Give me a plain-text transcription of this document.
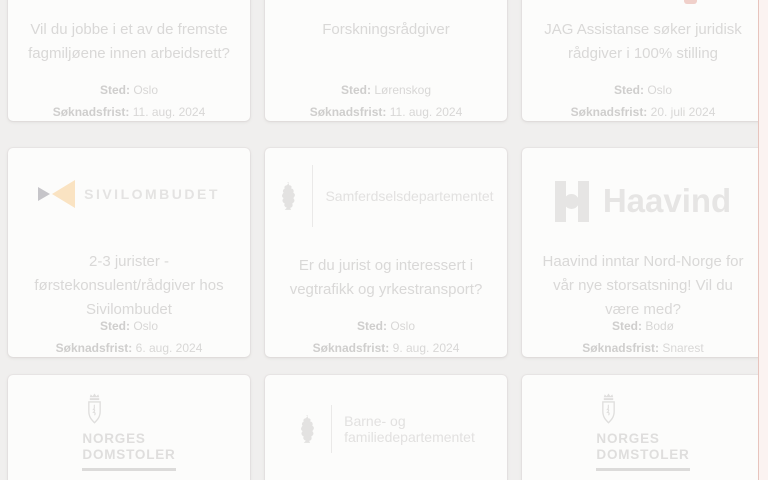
Vil du jobbe i et av de fremste fagmiljøene innen arbeidsrett?
Sted: Oslo
Søknadsfrist: 11. aug. 2024
Forskningsrådgiver
Sted: Lørenskog
Søknadsfrist: 11. aug. 2024
JAG Assistanse søker juridisk rådgiver i 100% stilling
Sted: Oslo
Søknadsfrist: 20. juli 2024
SIVILOMBUDET
2-3 jurister - førstekonsulent/rådgiver hos Sivilombudet
Sted: Oslo
Søknadsfrist: 6. aug. 2024
Samferdselsdepartementet
Er du jurist og interessert i vegtrafikk og yrkestransport?
Sted: Oslo
Søknadsfrist: 9. aug. 2024
Haavind
Haavind inntar Nord-Norge for vår nye storsatsning! Vil du være med?
Sted: Bodø
Søknadsfrist: Snarest
NORGES
DOMSTOLER
Barne- og
familiedepartementet	NORGES
DOMSTOLER
